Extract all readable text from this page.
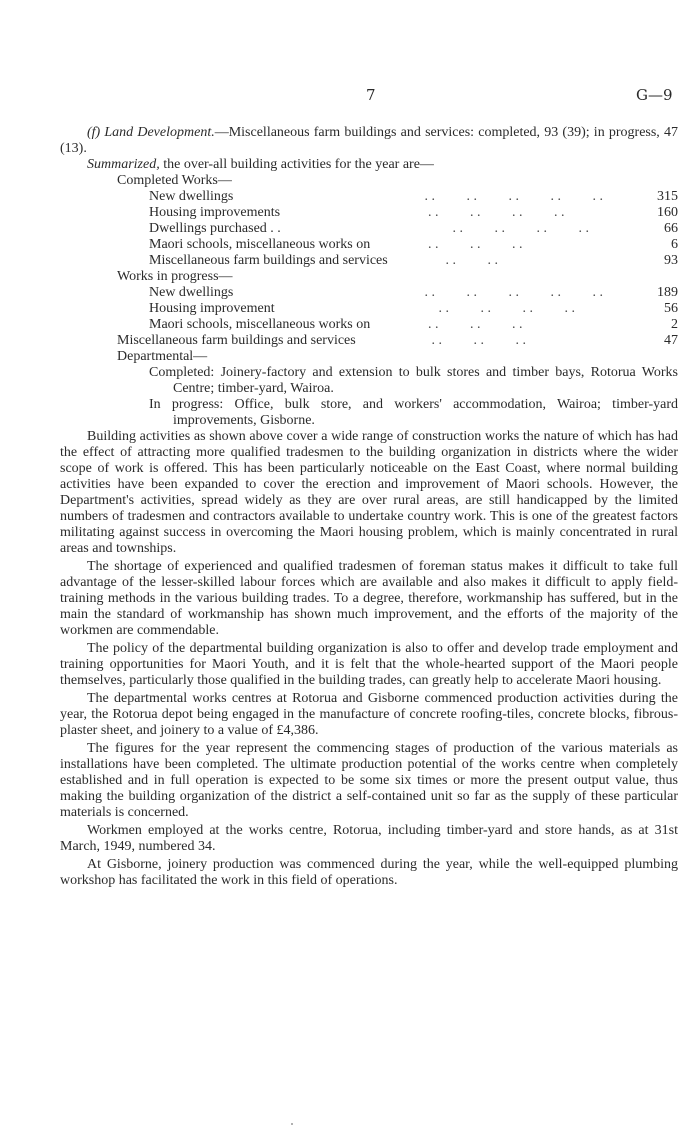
7	G—9

(f) Land Development.—Miscellaneous farm buildings and services: completed, 93 (39); in progress, 47 (13).

Summarized, the over-all building activities for the year are—

Completed Works—
New dwellings	. .         . .         . .         . .         . .	315
Housing improvements	. .         . .         . .         . .	160
Dwellings purchased . .	. .         . .         . .         . .	66
Maori schools, miscellaneous works on	. .         . .         . .	6
Miscellaneous farm buildings and services	. .         . .	93
Works in progress—
New dwellings	. .         . .         . .         . .         . .	189
Housing improvement	. .         . .         . .         . .	56
Maori schools, miscellaneous works on	. .         . .         . .	2
Miscellaneous farm buildings and services	. .         . .         . .	47
Departmental—

Completed: Joinery-factory and extension to bulk stores and timber bays, Rotorua Works Centre; timber-yard, Wairoa.

In progress: Office, bulk store, and workers' accommodation, Wairoa; timber-yard improvements, Gisborne.

Building activities as shown above cover a wide range of construction works the nature of which has had the effect of attracting more qualified tradesmen to the building organization in districts where the wider scope of work is offered. This has been particularly noticeable on the East Coast, where normal building activities have been expanded to cover the erection and improvement of Maori schools. However, the Department's activities, spread widely as they are over rural areas, are still handicapped by the limited numbers of tradesmen and contractors available to undertake country work. This is one of the greatest factors militating against success in overcoming the Maori housing problem, which is mainly concentrated in rural areas and townships.

The shortage of experienced and qualified tradesmen of foreman status makes it difficult to take full advantage of the lesser-skilled labour forces which are available and also makes it difficult to apply field-training methods in the various building trades. To a degree, therefore, workmanship has suffered, but in the main the standard of workmanship has shown much improvement, and the efforts of the majority of the workmen are commendable.

The policy of the departmental building organization is also to offer and develop trade employment and training opportunities for Maori Youth, and it is felt that the whole-hearted support of the Maori people themselves, particularly those qualified in the building trades, can greatly help to accelerate Maori housing.

The departmental works centres at Rotorua and Gisborne commenced production activities during the year, the Rotorua depot being engaged in the manufacture of concrete roofing-tiles, concrete blocks, fibrous-plaster sheet, and joinery to a value of £4,386.

The figures for the year represent the commencing stages of production of the various materials as installations have been completed. The ultimate production potential of the works centre when completely established and in full operation is expected to be some six times or more the present output value, thus making the building organization of the district a self-contained unit so far as the supply of these particular materials is concerned.

Workmen employed at the works centre, Rotorua, including timber-yard and store hands, as at 31st March, 1949, numbered 34.

At Gisborne, joinery production was commenced during the year, while the well-equipped plumbing workshop has facilitated the work in this field of operations.
